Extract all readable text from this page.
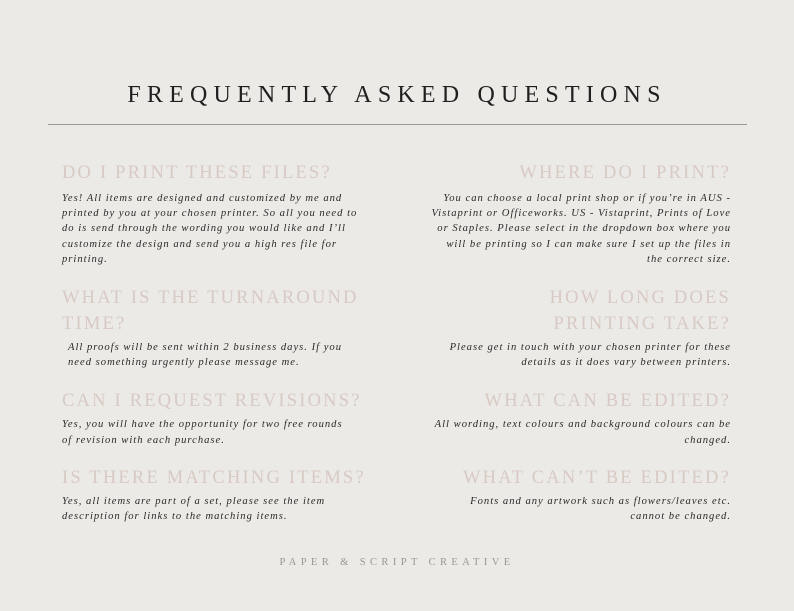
FREQUENTLY ASKED QUESTIONS
DO I PRINT THESE FILES?
Yes! All items are designed and customized by me and printed by you at your chosen printer. So all you need to do is send through the wording you would like and I’ll customize the design and send you a high res file for printing.
WHAT IS THE TURNAROUND TIME?
All proofs will be sent within 2 business days. If you need something urgently please message me.
CAN I REQUEST REVISIONS?
Yes, you will have the opportunity for two free rounds of revision with each purchase.
IS THERE MATCHING ITEMS?
Yes, all items are part of a set, please see the item description for links to the matching items.
WHERE DO I PRINT?
You can choose a local print shop or if you’re in AUS - Vistaprint or Officeworks. US - Vistaprint, Prints of Love or Staples. Please select in the dropdown box where you will be printing so I can make sure I set up the files in the correct size.
HOW LONG DOES PRINTING TAKE?
Please get in touch with your chosen printer for these details as it does vary between printers.
WHAT CAN BE EDITED?
All wording, text colours and background colours can be changed.
WHAT CAN’T BE EDITED?
Fonts and any artwork such as flowers/leaves etc. cannot be changed.
PAPER & SCRIPT CREATIVE
